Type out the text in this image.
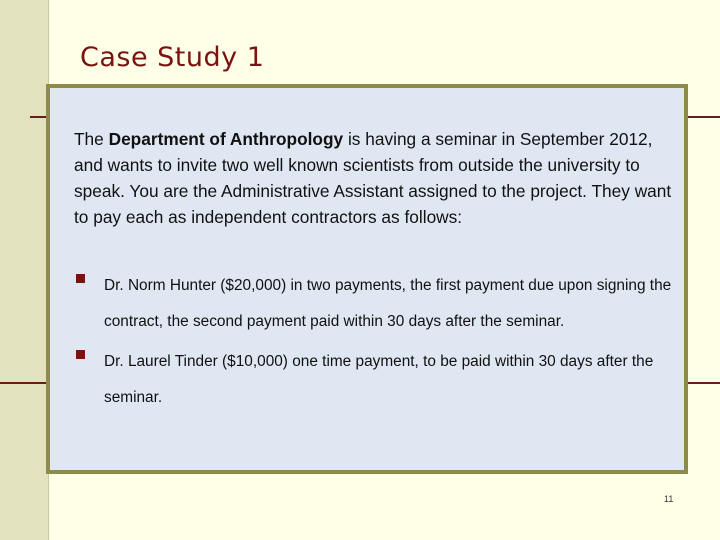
Case Study 1
The Department of Anthropology is having a seminar in September 2012, and wants to invite two well known scientists from outside the university to speak. You are the Administrative Assistant assigned to the project. They want to pay each as independent contractors as follows:
Dr. Norm Hunter ($20,000) in two payments, the first payment due upon signing the contract, the second payment paid within 30 days after the seminar.
Dr. Laurel Tinder ($10,000) one time payment, to be paid within 30 days after the seminar.
11
